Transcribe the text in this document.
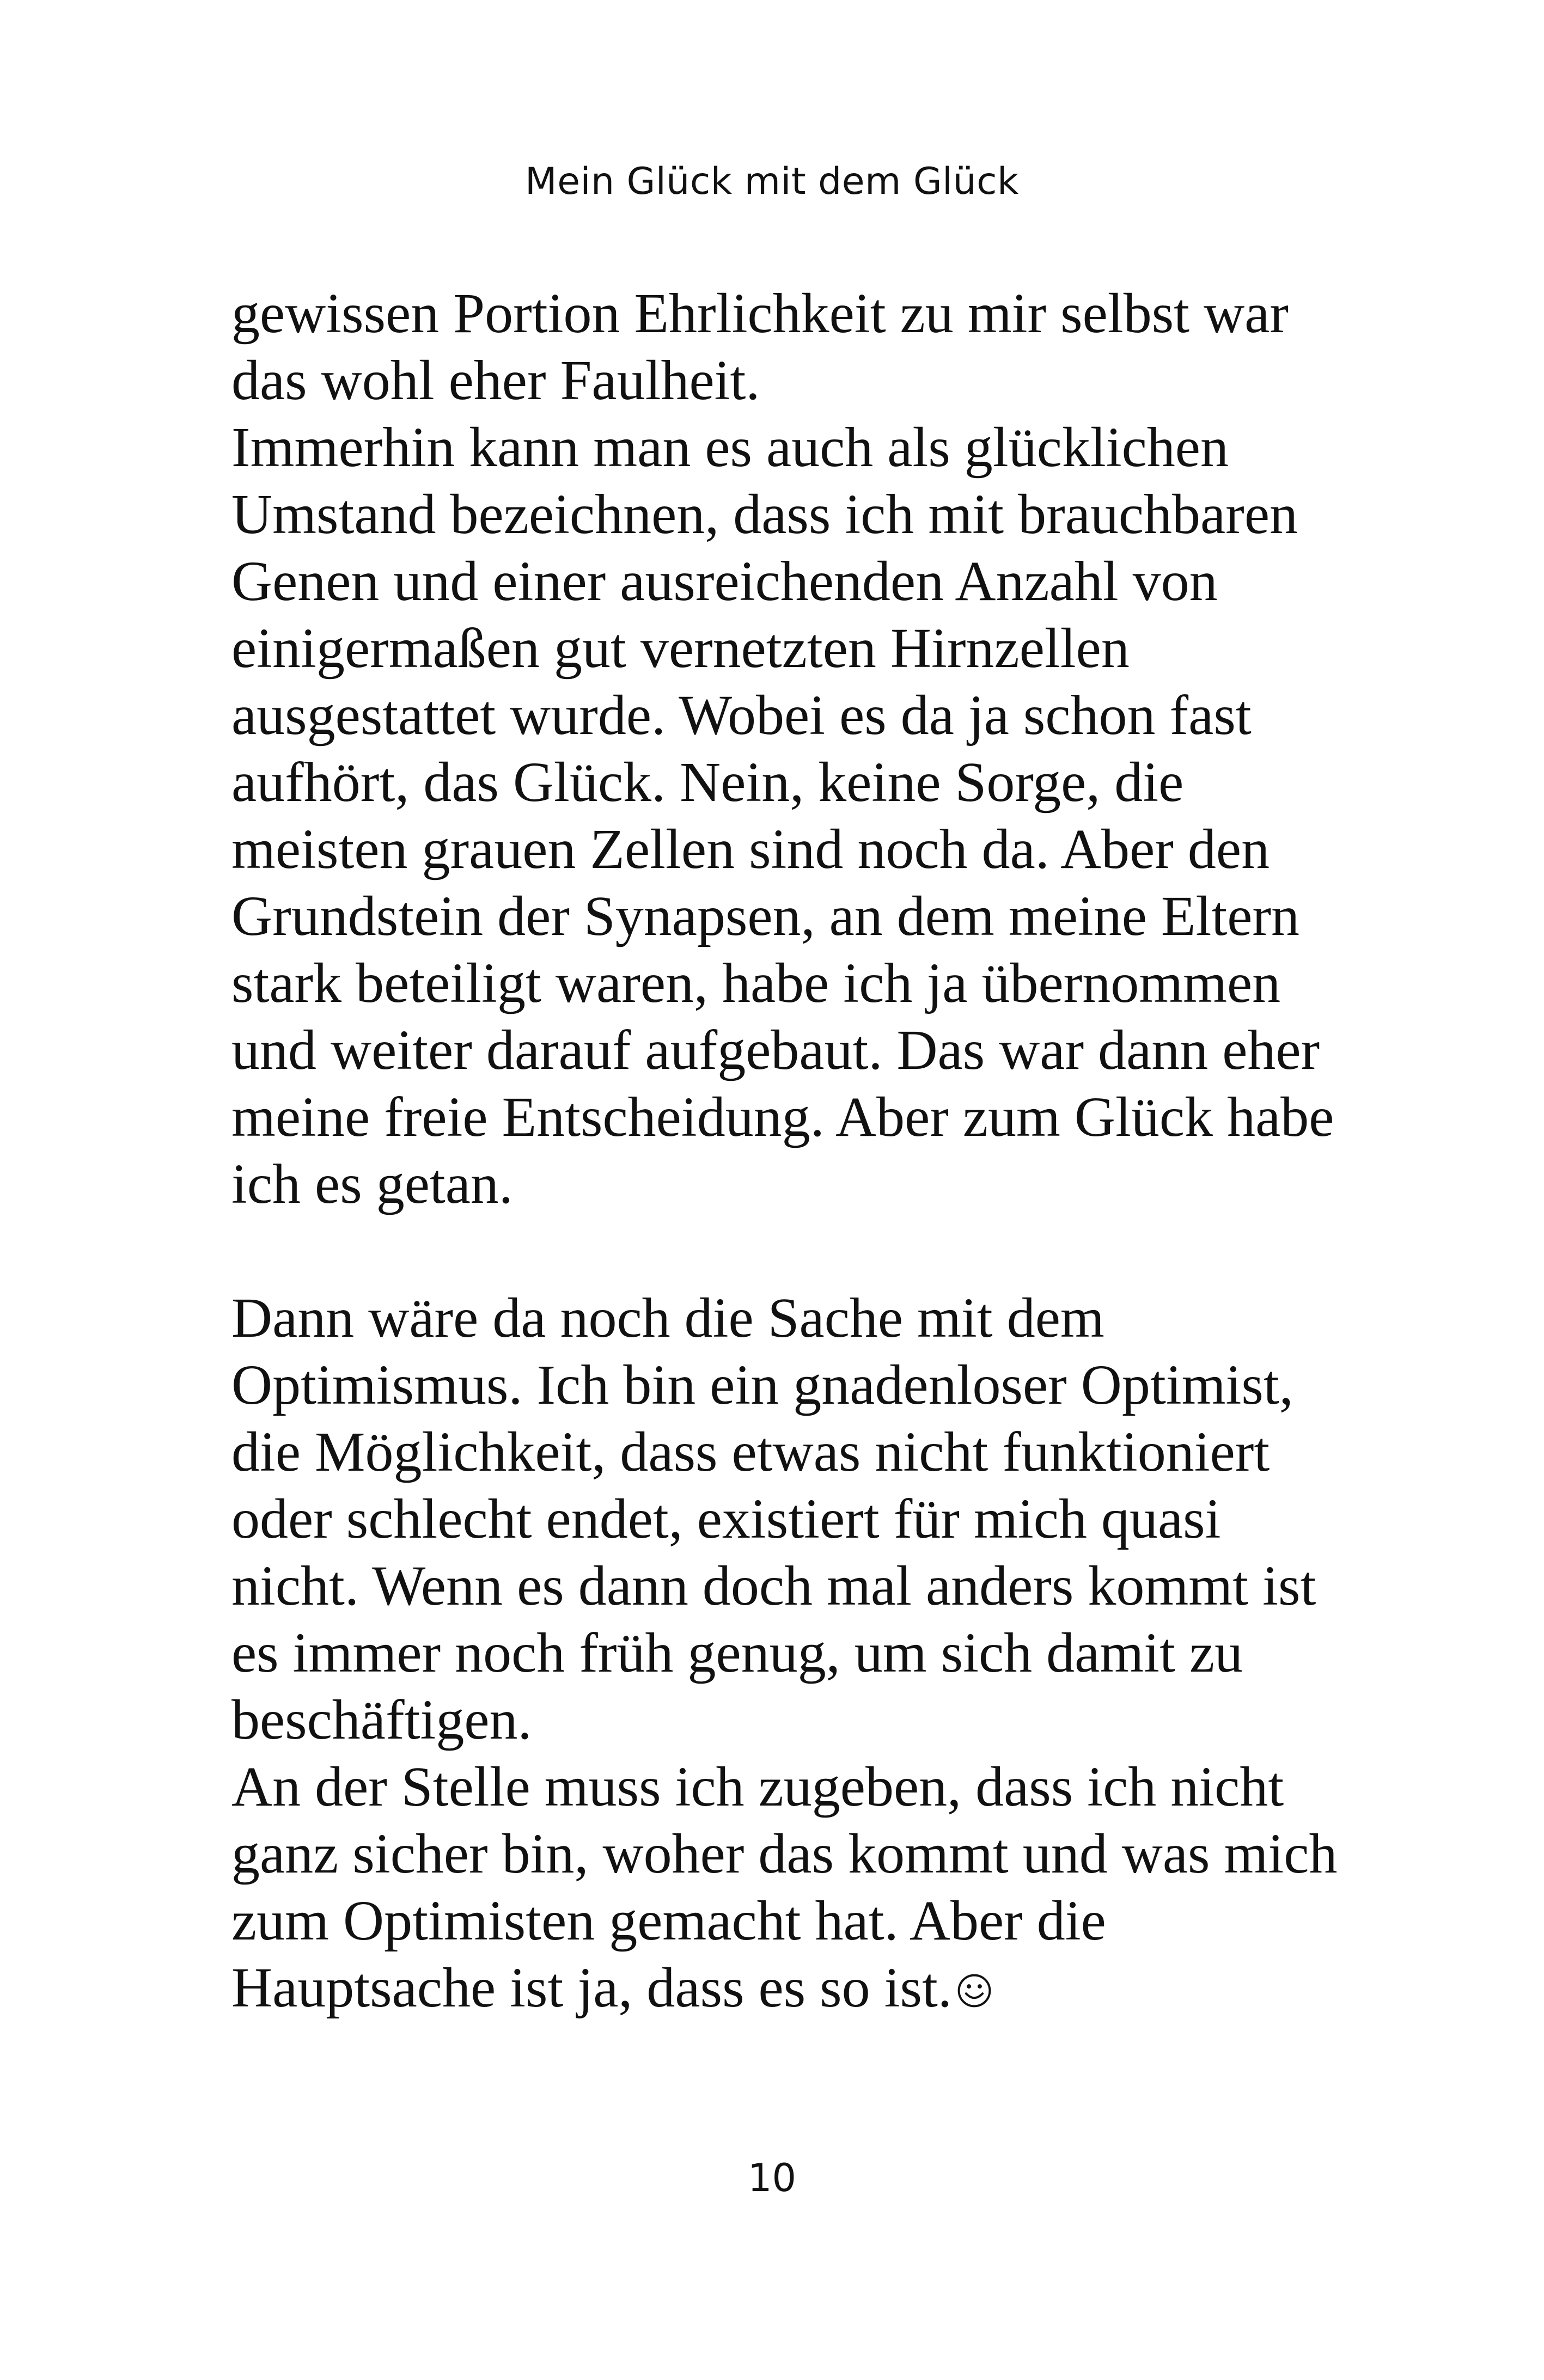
Mein Glück mit dem Glück
gewissen Portion Ehrlichkeit zu mir selbst war
das wohl eher Faulheit.
Immerhin kann man es auch als glücklichen
Umstand bezeichnen, dass ich mit brauchbaren
Genen und einer ausreichenden Anzahl von
einigermaßen gut vernetzten Hirnzellen
ausgestattet wurde. Wobei es da ja schon fast
aufhört, das Glück. Nein, keine Sorge, die
meisten grauen Zellen sind noch da. Aber den
Grundstein der Synapsen, an dem meine Eltern
stark beteiligt waren, habe ich ja übernommen
und weiter darauf aufgebaut. Das war dann eher
meine freie Entscheidung. Aber zum Glück habe
ich es getan.
Dann wäre da noch die Sache mit dem
Optimismus. Ich bin ein gnadenloser Optimist,
die Möglichkeit, dass etwas nicht funktioniert
oder schlecht endet, existiert für mich quasi
nicht. Wenn es dann doch mal anders kommt ist
es immer noch früh genug, um sich damit zu
beschäftigen.
An der Stelle muss ich zugeben, dass ich nicht
ganz sicher bin, woher das kommt und was mich
zum Optimisten gemacht hat. Aber die
Hauptsache ist ja, dass es so ist.
10
